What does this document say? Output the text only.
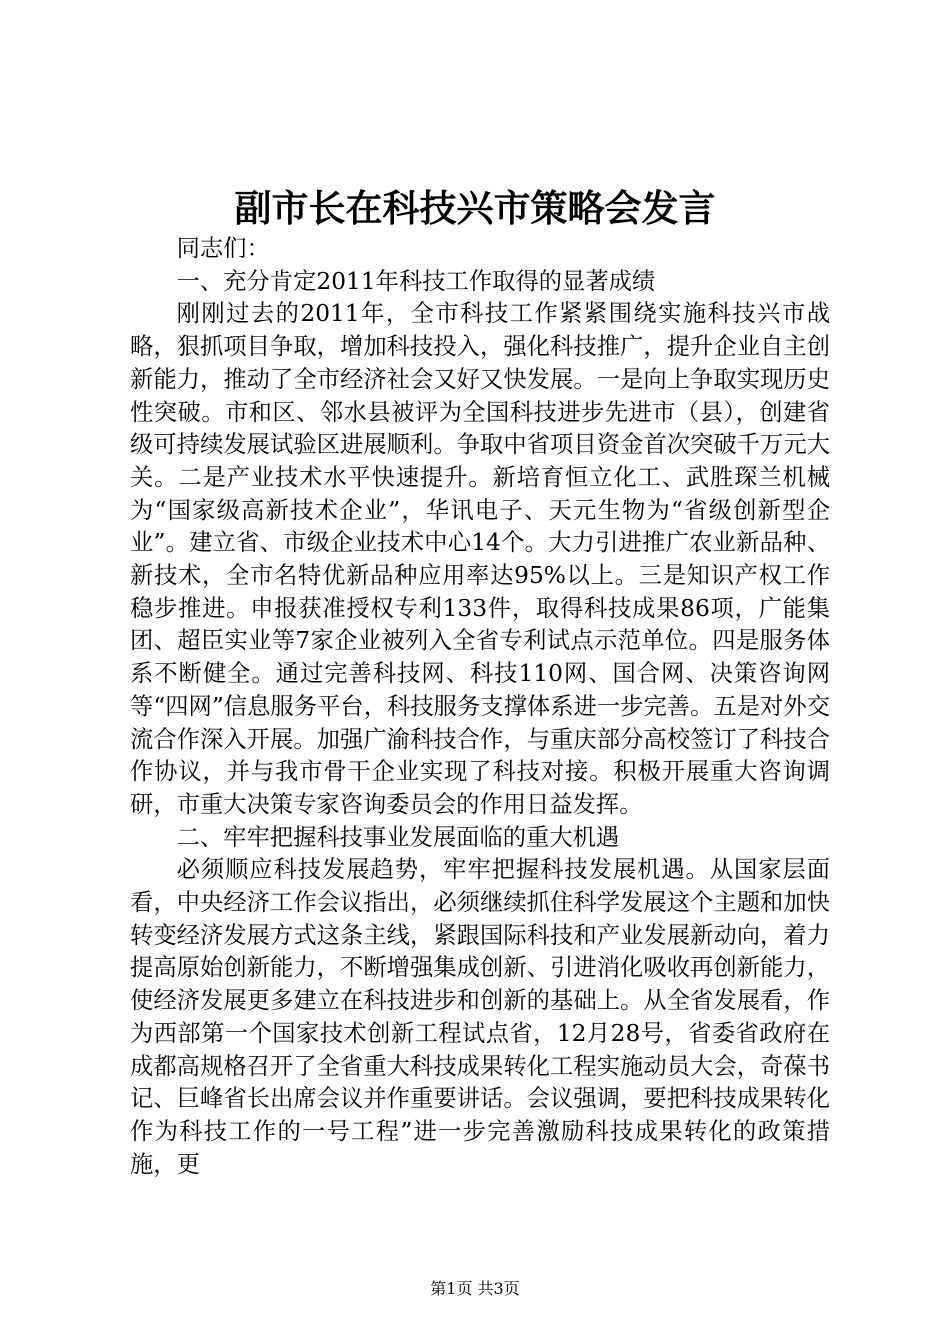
副市长在科技兴市策略会发言

同志们：

一、充分肯定2011年科技工作取得的显著成绩

刚刚过去的2011年，全市科技工作紧紧围绕实施科技兴市战略，狠抓项目争取，增加科技投入，强化科技推广，提升企业自主创新能力，推动了全市经济社会又好又快发展。一是向上争取实现历史性突破。市和区、邻水县被评为全国科技进步先进市（县），创建省级可持续发展试验区进展顺利。争取中省项目资金首次突破千万元大关。二是产业技术水平快速提升。新培育恒立化工、武胜琛兰机械为“国家级高新技术企业”，华讯电子、天元生物为“省级创新型企业”。建立省、市级企业技术中心14个。大力引进推广农业新品种、新技术，全市名特优新品种应用率达95%以上。三是知识产权工作稳步推进。申报获准授权专利133件，取得科技成果86项，广能集团、超臣实业等7家企业被列入全省专利试点示范单位。四是服务体系不断健全。通过完善科技网、科技110网、国合网、决策咨询网等“四网”信息服务平台，科技服务支撑体系进一步完善。五是对外交流合作深入开展。加强广渝科技合作，与重庆部分高校签订了科技合作协议，并与我市骨干企业实现了科技对接。积极开展重大咨询调研，市重大决策专家咨询委员会的作用日益发挥。

二、牢牢把握科技事业发展面临的重大机遇

必须顺应科技发展趋势，牢牢把握科技发展机遇。从国家层面看，中央经济工作会议指出，必须继续抓住科学发展这个主题和加快转变经济发展方式这条主线，紧跟国际科技和产业发展新动向，着力提高原始创新能力，不断增强集成创新、引进消化吸收再创新能力，使经济发展更多建立在科技进步和创新的基础上。从全省发展看，作为西部第一个国家技术创新工程试点省，12月28号，省委省政府在成都高规格召开了全省重大科技成果转化工程实施动员大会，奇葆书记、巨峰省长出席会议并作重要讲话。会议强调，要把科技成果转化作为科技工作的一号工程”进一步完善激励科技成果转化的政策措施，更

第1页 共3页
